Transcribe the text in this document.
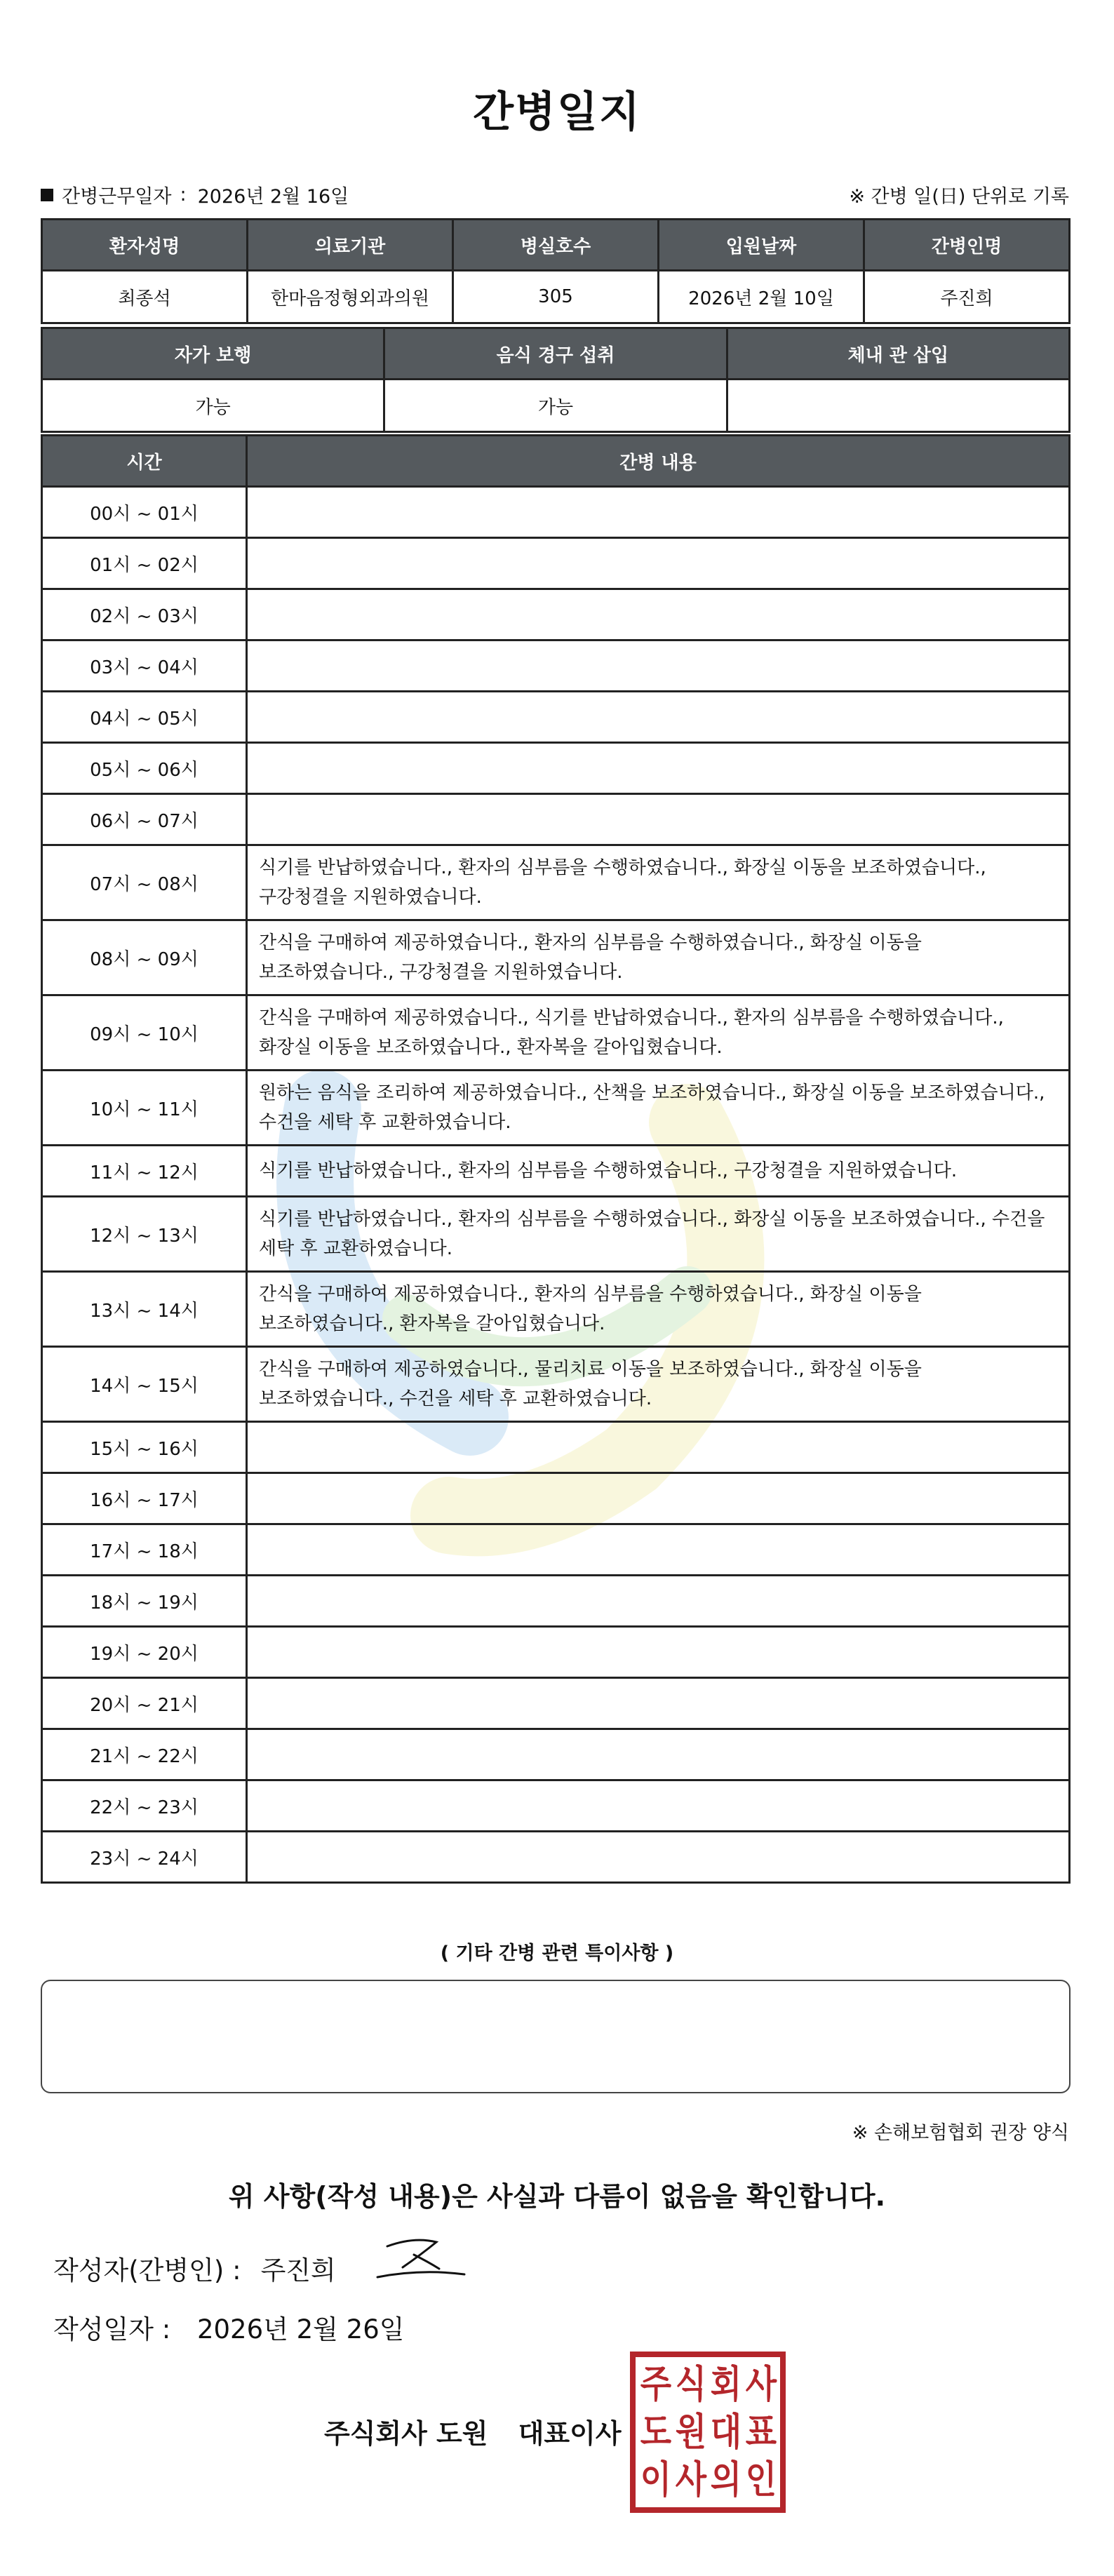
간병일지
간병근무일자 : 2026년 2월 16일	※ 간병 일(日) 단위로 기록
환자성명	의료기관	병실호수	입원날짜	간병인명
최종석	한마음정형외과의원	305	2026년 2월 10일	주진희
자가 보행	음식 경구 섭취	체내 관 삽입
가능	가능	
시간	간병 내용
00시 ~ 01시	
01시 ~ 02시	
02시 ~ 03시	
03시 ~ 04시	
04시 ~ 05시	
05시 ~ 06시	
06시 ~ 07시	
07시 ~ 08시	식기를 반납하였습니다., 환자의 심부름을 수행하였습니다., 화장실 이동을 보조하였습니다., 구강청결을 지원하였습니다.
08시 ~ 09시	간식을 구매하여 제공하였습니다., 환자의 심부름을 수행하였습니다., 화장실 이동을 보조하였습니다., 구강청결을 지원하였습니다.
09시 ~ 10시	간식을 구매하여 제공하였습니다., 식기를 반납하였습니다., 환자의 심부름을 수행하였습니다., 화장실 이동을 보조하였습니다., 환자복을 갈아입혔습니다.
10시 ~ 11시	원하는 음식을 조리하여 제공하였습니다., 산책을 보조하였습니다., 화장실 이동을 보조하였습니다., 수건을 세탁 후 교환하였습니다.
11시 ~ 12시	식기를 반납하였습니다., 환자의 심부름을 수행하였습니다., 구강청결을 지원하였습니다.
12시 ~ 13시	식기를 반납하였습니다., 환자의 심부름을 수행하였습니다., 화장실 이동을 보조하였습니다., 수건을 세탁 후 교환하였습니다.
13시 ~ 14시	간식을 구매하여 제공하였습니다., 환자의 심부름을 수행하였습니다., 화장실 이동을 보조하였습니다., 환자복을 갈아입혔습니다.
14시 ~ 15시	간식을 구매하여 제공하였습니다., 물리치료 이동을 보조하였습니다., 화장실 이동을 보조하였습니다., 수건을 세탁 후 교환하였습니다.
15시 ~ 16시	
16시 ~ 17시	
17시 ~ 18시	
18시 ~ 19시	
19시 ~ 20시	
20시 ~ 21시	
21시 ~ 22시	
22시 ~ 23시	
23시 ~ 24시	
( 기타 간병 관련 특이사항 )
※ 손해보험협회 권장 양식
위 사항(작성 내용)은 사실과 다름이 없음을 확인합니다.
작성자(간병인) : 주진희
작성일자 : 2026년 2월 26일
주식회사 도원 대표이사
주 식 회 사
도 원 대 표
이 사 의 인
